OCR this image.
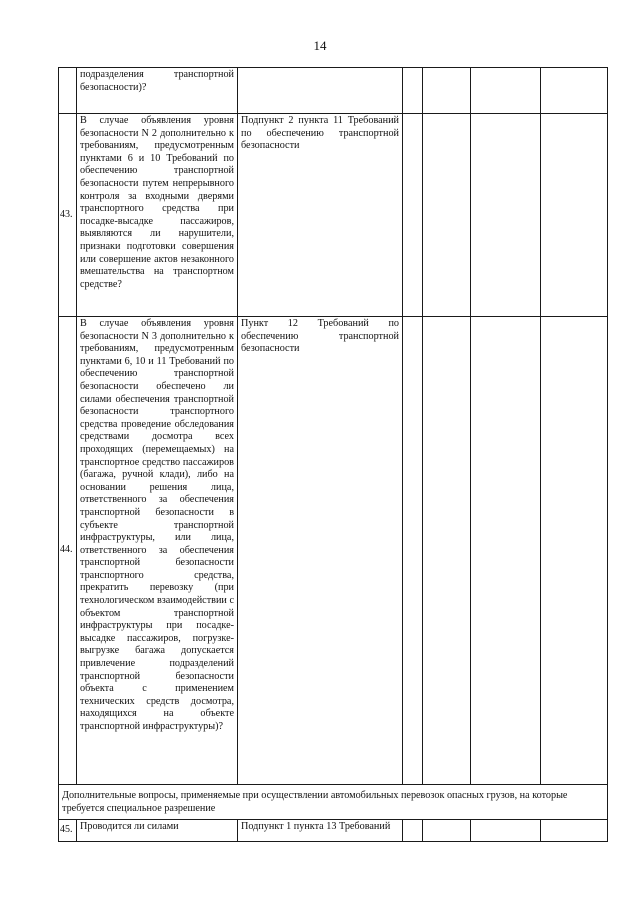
14
	подразделения транспортной безопасности)?					
43.	В случае объявления уровня безопасности N 2 дополнительно к требованиям, предусмотренным пунктами 6 и 10 Требований по обеспечению транспортной безопасности путем непрерывного контроля за входными дверями транспортного средства при посадке-высадке пассажиров, выявляются ли нарушители, признаки подготовки совершения или совершение актов незаконного вмешательства на транспортном средстве?	Подпункт 2 пункта 11 Требований по обеспечению транспортной безопасности				
44.	В случае объявления уровня безопасности N 3 дополнительно к требованиям, предусмотренным пунктами 6, 10 и 11 Требований по обеспечению транспортной безопасности обеспечено ли силами обеспечения транспортной безопасности транспортного средства проведение обследования средствами досмотра всех проходящих (перемещаемых) на транспортное средство пассажиров (багажа, ручной клади), либо на основании решения лица, ответственного за обеспечения транспортной безопасности в субъекте транспортной инфраструктуры, или лица, ответственного за обеспечения транспортной безопасности транспортного средства, прекратить перевозку (при технологическом взаимодействии с объектом транспортной инфраструктуры при посадке-высадке пассажиров, погрузке-выгрузке багажа допускается привлечение подразделений транспортной безопасности объекта с применением технических средств досмотра, находящихся на объекте транспортной инфраструктуры)?	Пункт 12 Требований по обеспечению транспортной безопасности				
Дополнительные вопросы, применяемые при осуществлении автомобильных перевозок опасных грузов, на которые требуется специальное разрешение						
45.	Проводится ли силами	Подпункт 1 пункта 13 Требований				
